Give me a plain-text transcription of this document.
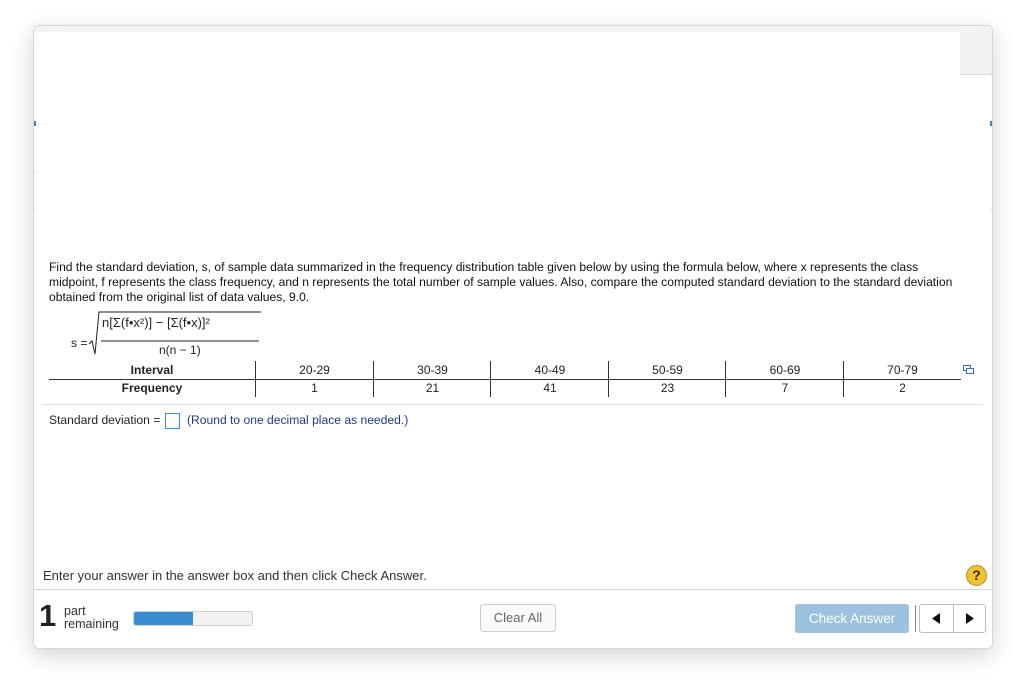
Find the standard deviation, s, of sample data summarized in the frequency distribution table given below by using the formula below, where x represents the class midpoint, f represents the class frequency, and n represents the total number of sample values. Also, compare the computed standard deviation to the standard deviation obtained from the original list of data values, 9.0.
s =
n[Σ(f•x²)] − [Σ(f•x)]²
n(n − 1)
Interval	20-29	30-39	40-49	50-59	60-69	70-79
Frequency	1	21	41	23	7	2
Standard deviation = (Round to one decimal place as needed.)
Enter your answer in the answer box and then click Check Answer.	?
1 part
remaining	Clear All	Check Answer
